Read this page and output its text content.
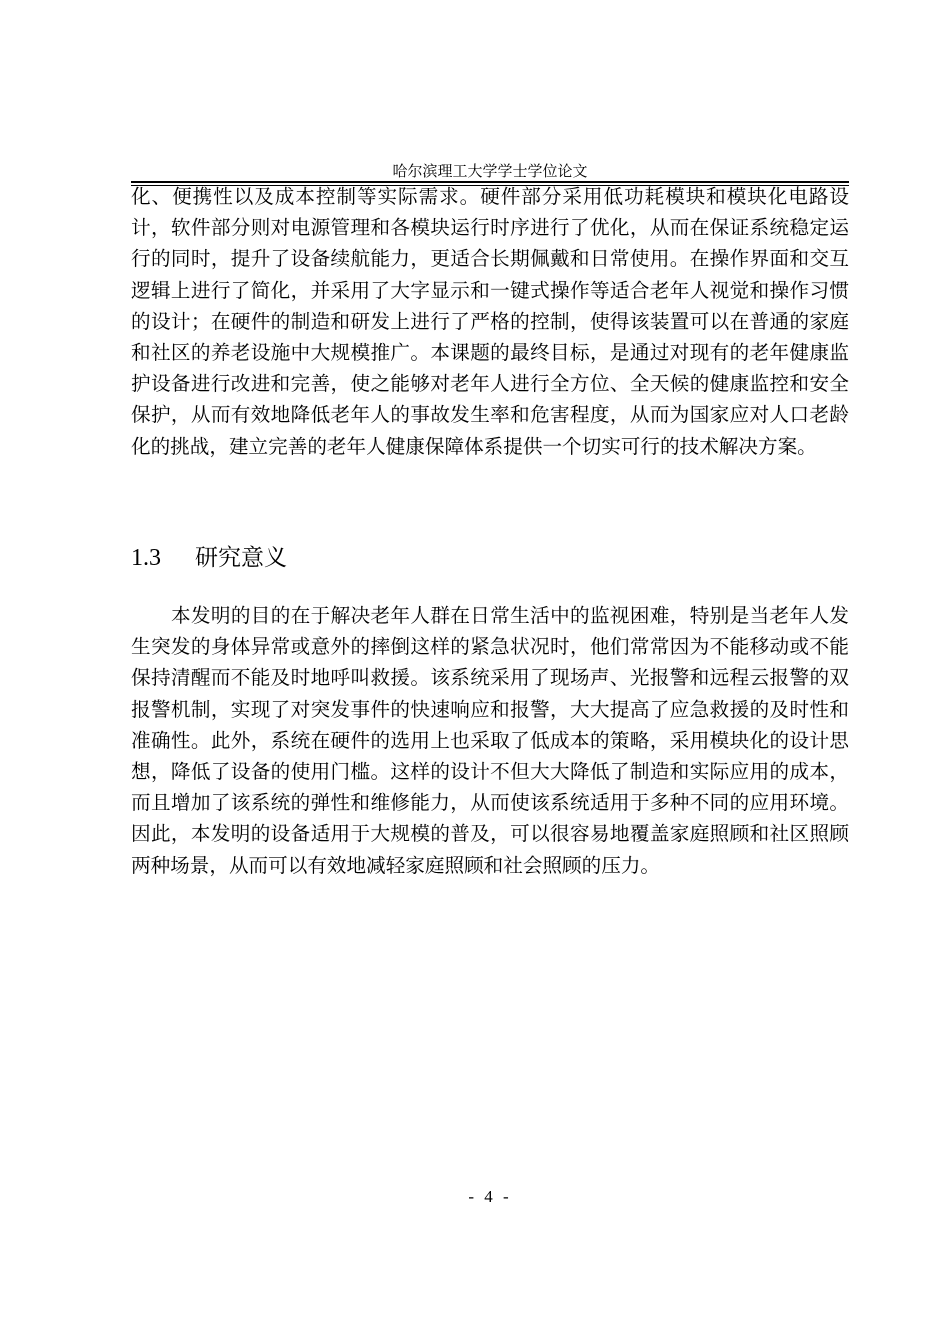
哈尔滨理工大学学士学位论文
化、便携性以及成本控制等实际需求。硬件部分采用低功耗模块和模块化电路设计，软件部分则对电源管理和各模块运行时序进行了优化，从而在保证系统稳定运行的同时，提升了设备续航能力，更适合长期佩戴和日常使用。在操作界面和交互逻辑上进行了简化，并采用了大字显示和一键式操作等适合老年人视觉和操作习惯的设计；在硬件的制造和研发上进行了严格的控制，使得该装置可以在普通的家庭和社区的养老设施中大规模推广。本课题的最终目标，是通过对现有的老年健康监护设备进行改进和完善，使之能够对老年人进行全方位、全天候的健康监控和安全保护，从而有效地降低老年人的事故发生率和危害程度，从而为国家应对人口老龄化的挑战，建立完善的老年人健康保障体系提供一个切实可行的技术解决方案。
1.3 研究意义
本发明的目的在于解决老年人群在日常生活中的监视困难，特别是当老年人发生突发的身体异常或意外的摔倒这样的紧急状况时，他们常常因为不能移动或不能保持清醒而不能及时地呼叫救援。该系统采用了现场声、光报警和远程云报警的双报警机制，实现了对突发事件的快速响应和报警，大大提高了应急救援的及时性和准确性。此外，系统在硬件的选用上也采取了低成本的策略，采用模块化的设计思想，降低了设备的使用门槛。这样的设计不但大大降低了制造和实际应用的成本，而且增加了该系统的弹性和维修能力，从而使该系统适用于多种不同的应用环境。因此，本发明的设备适用于大规模的普及，可以很容易地覆盖家庭照顾和社区照顾两种场景，从而可以有效地减轻家庭照顾和社会照顾的压力。
- 4 -
